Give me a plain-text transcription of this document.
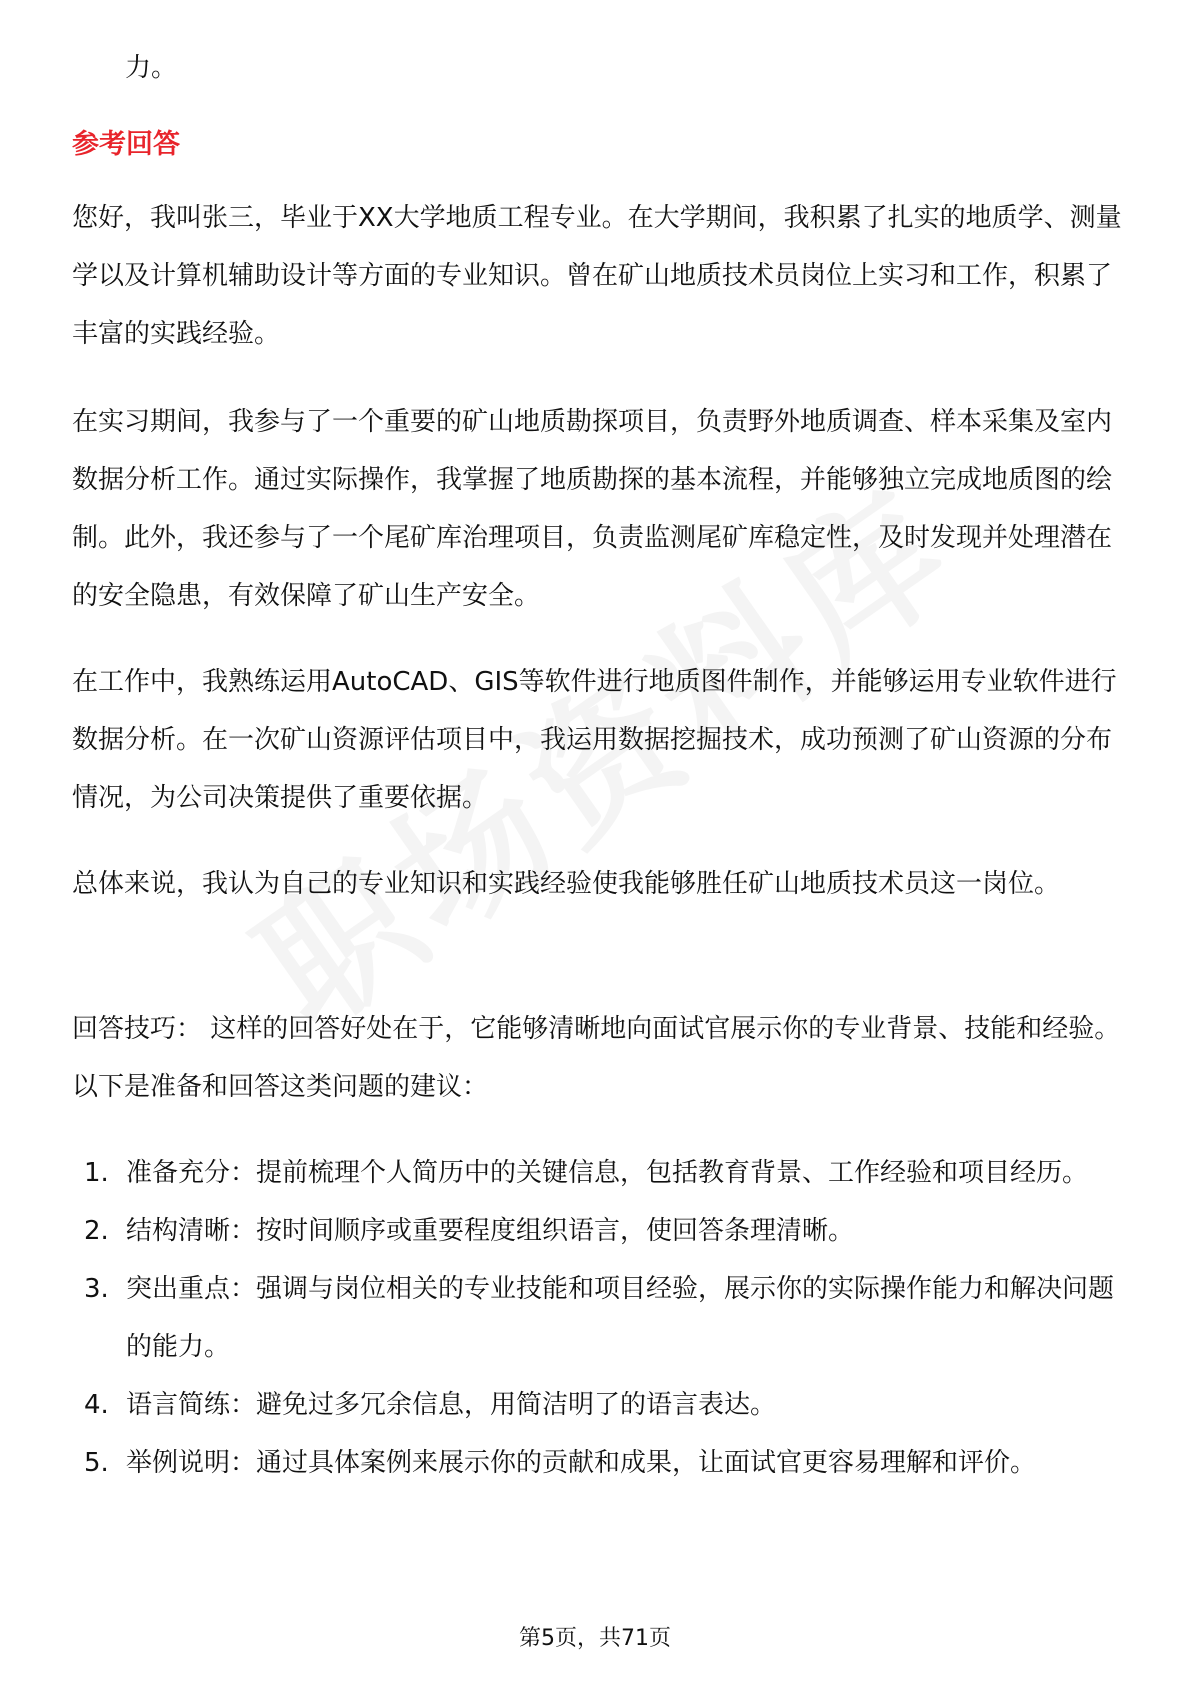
力。
参考回答

您好，我叫张三，毕业于XX大学地质工程专业。在大学期间，我积累了扎实的地质学、测量学以及计算机辅助设计等方面的专业知识。曾在矿山地质技术员岗位上实习和工作，积累了丰富的实践经验。

在实习期间，我参与了一个重要的矿山地质勘探项目，负责野外地质调查、样本采集及室内数据分析工作。通过实际操作，我掌握了地质勘探的基本流程，并能够独立完成地质图的绘制。此外，我还参与了一个尾矿库治理项目，负责监测尾矿库稳定性，及时发现并处理潜在的安全隐患，有效保障了矿山生产安全。

在工作中，我熟练运用AutoCAD、GIS等软件进行地质图件制作，并能够运用专业软件进行数据分析。在一次矿山资源评估项目中，我运用数据挖掘技术，成功预测了矿山资源的分布情况，为公司决策提供了重要依据。

总体来说，我认为自己的专业知识和实践经验使我能够胜任矿山地质技术员这一岗位。

回答技巧： 这样的回答好处在于，它能够清晰地向面试官展示你的专业背景、技能和经验。以下是准备和回答这类问题的建议：

1. 准备充分：提前梳理个人简历中的关键信息，包括教育背景、工作经验和项目经历。
2. 结构清晰：按时间顺序或重要程度组织语言，使回答条理清晰。
3. 突出重点：强调与岗位相关的专业技能和项目经验，展示你的实际操作能力和解决问题的能力。
4. 语言简练：避免过多冗余信息，用简洁明了的语言表达。
5. 举例说明：通过具体案例来展示你的贡献和成果，让面试官更容易理解和评价。
第5页，共71页
